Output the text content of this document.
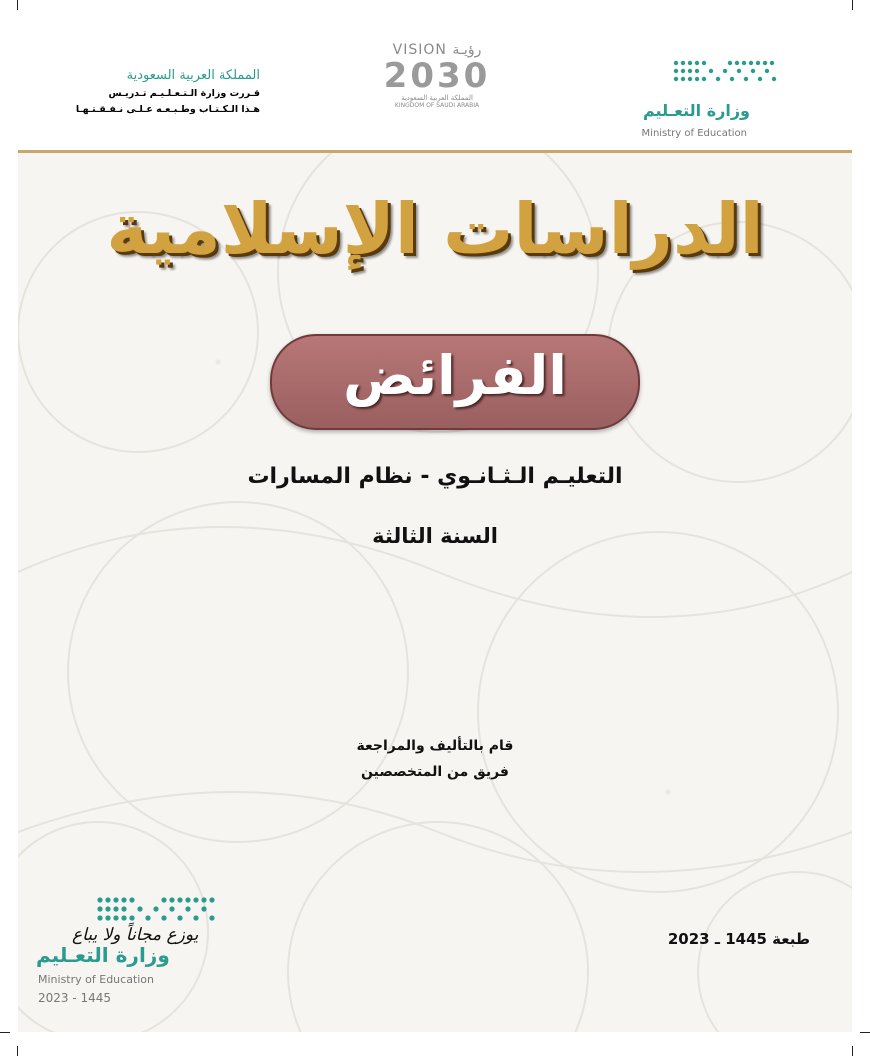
وزارة التعـليم
Ministry of Education
VISION رؤيـة
2030
المملكة العربية السعودية
KINGDOM OF SAUDI ARABIA
المملكة العربية السعودية
قـررت وزارة الـتـعـلـيـم تـدريـس
هـذا الـكـتـاب وطـبـعـه عـلـى نـفـقـتـهـا
الدراسات الإسلامية
الفرائض
التعليـم الـثـانـوي - نظام المسارات
السنة الثالثة
قام بالتأليف والمراجعة
فريق من المتخصصين
طبعة 1445 ـ 2023
يوزع مجاناً ولا يباع
وزارة التعـليم
Ministry of Education
2023 - 1445
